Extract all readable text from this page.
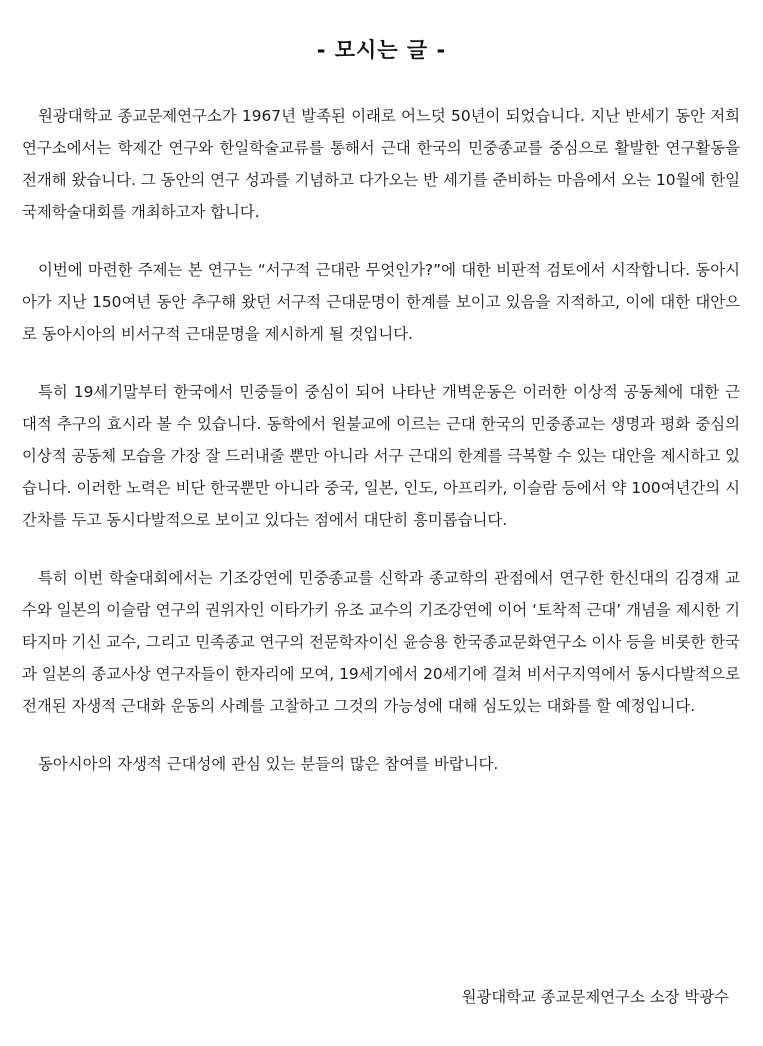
- 모시는 글 -

원광대학교 종교문제연구소가 1967년 발족된 이래로 어느덧 50년이 되었습니다. 지난 반세기 동안 저희 연구소에서는 학제간 연구와 한일학술교류를 통해서 근대 한국의 민중종교를 중심으로 활발한 연구활동을 전개해 왔습니다. 그 동안의 연구 성과를 기념하고 다가오는 반 세기를 준비하는 마음에서 오는 10월에 한일국제학술대회를 개최하고자 합니다.

이번에 마련한 주제는 본 연구는 “서구적 근대란 무엇인가?”에 대한 비판적 검토에서 시작합니다. 동아시아가 지난 150여년 동안 추구해 왔던 서구적 근대문명이 한계를 보이고 있음을 지적하고, 이에 대한 대안으로 동아시아의 비서구적 근대문명을 제시하게 될 것입니다.

특히 19세기말부터 한국에서 민중들이 중심이 되어 나타난 개벽운동은 이러한 이상적 공동체에 대한 근대적 추구의 효시라 볼 수 있습니다. 동학에서 원불교에 이르는 근대 한국의 민중종교는 생명과 평화 중심의 이상적 공동체 모습을 가장 잘 드러내줄 뿐만 아니라 서구 근대의 한계를 극복할 수 있는 대안을 제시하고 있습니다. 이러한 노력은 비단 한국뿐만 아니라 중국, 일본, 인도, 아프리카, 이슬람 등에서 약 100여년간의 시간차를 두고 동시다발적으로 보이고 있다는 점에서 대단히 흥미롭습니다.

특히 이번 학술대회에서는 기조강연에 민중종교를 신학과 종교학의 관점에서 연구한 한신대의 김경재 교수와 일본의 이슬람 연구의 권위자인 이타가키 유조 교수의 기조강연에 이어 ‘토착적 근대’ 개념을 제시한 기타지마 기신 교수, 그리고 민족종교 연구의 전문학자이신 윤승용 한국종교문화연구소 이사 등을 비롯한 한국과 일본의 종교사상 연구자들이 한자리에 모여, 19세기에서 20세기에 걸쳐 비서구지역에서 동시다발적으로 전개된 자생적 근대화 운동의 사례를 고찰하고 그것의 가능성에 대해 심도있는 대화를 할 예정입니다.

동아시아의 자생적 근대성에 관심 있는 분들의 많은 참여를 바랍니다.

원광대학교 종교문제연구소 소장 박광수
